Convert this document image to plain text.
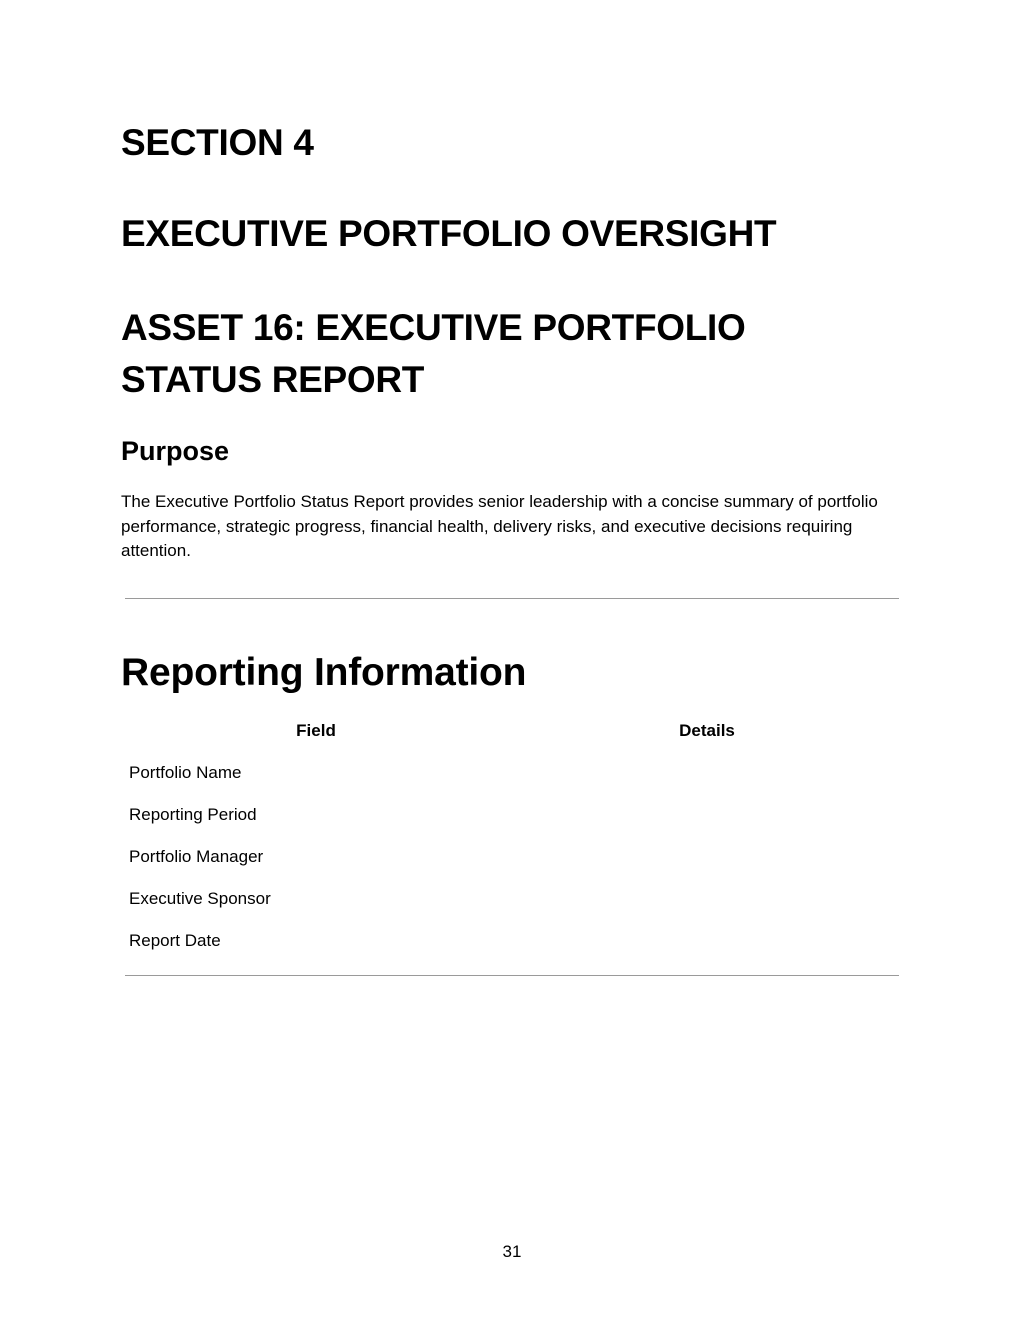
SECTION 4
EXECUTIVE PORTFOLIO OVERSIGHT
ASSET 16: EXECUTIVE PORTFOLIO STATUS REPORT
Purpose

The Executive Portfolio Status Report provides senior leadership with a concise summary of portfolio performance, strategic progress, financial health, delivery risks, and executive decisions requiring attention.

Reporting Information
Field	Details
Portfolio Name	
Reporting Period	
Portfolio Manager	
Executive Sponsor	
Report Date	
31
